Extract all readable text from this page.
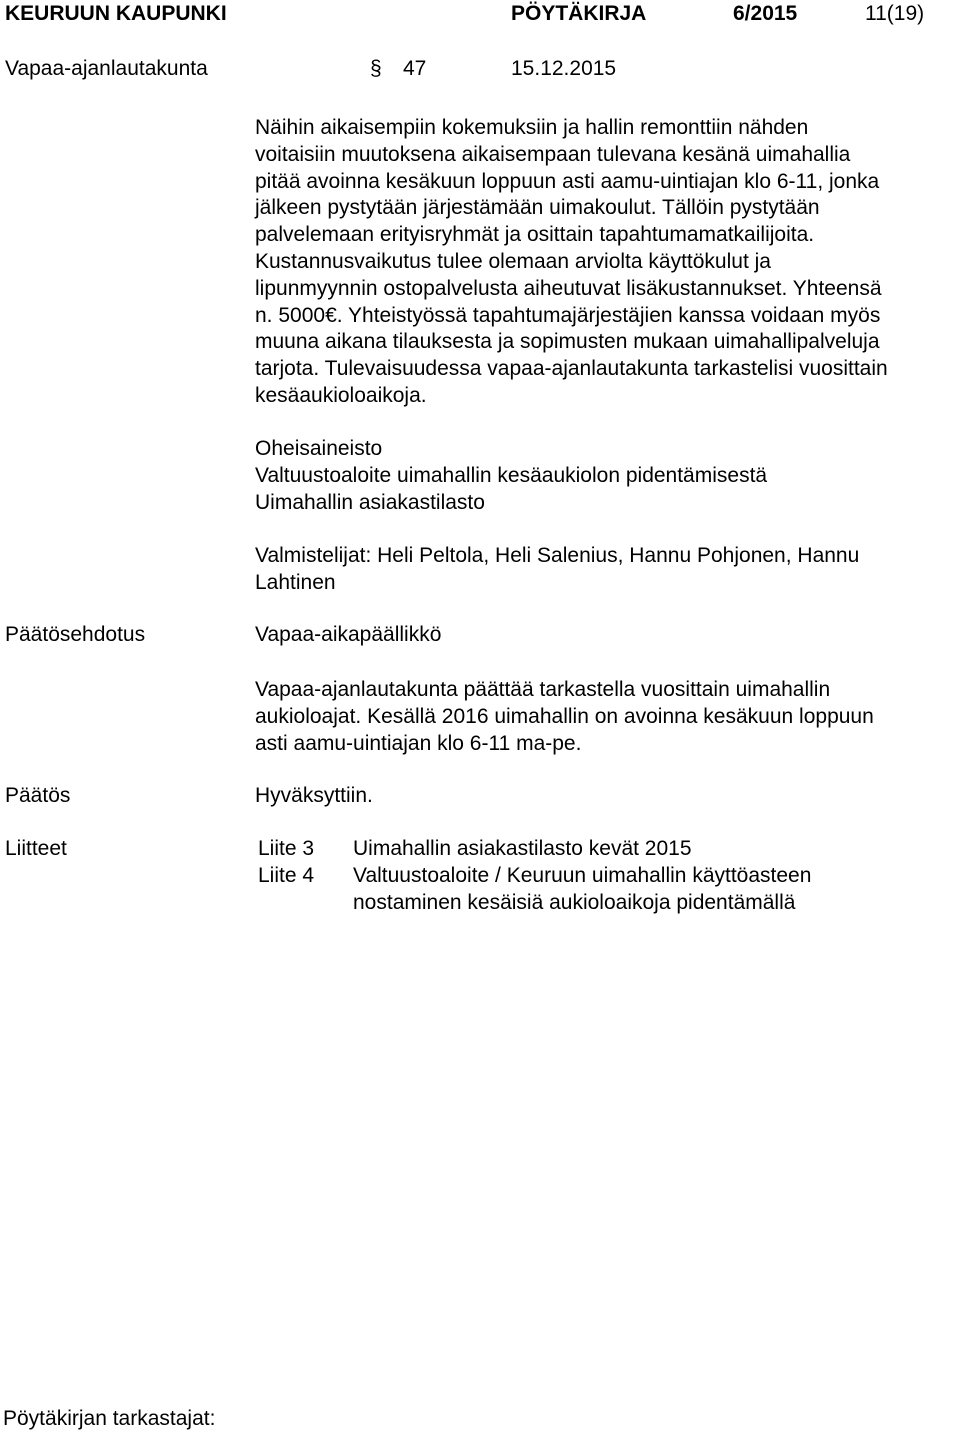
KEURUUN KAUPUNKI	PÖYTÄKIRJA	6/2015	11(19)
Vapaa-ajanlautakunta	§ 47	15.12.2015
Näihin aikaisempiin kokemuksiin ja hallin remonttiin nähden
voitaisiin muutoksena aikaisempaan tulevana kesänä uimahallia
pitää avoinna kesäkuun loppuun asti aamu-uintiajan klo 6-11, jonka
jälkeen pystytään järjestämään uimakoulut. Tällöin pystytään
palvelemaan erityisryhmät ja osittain tapahtumamatkailijoita.
Kustannusvaikutus tulee olemaan arviolta käyttökulut ja
lipunmyynnin ostopalvelusta aiheutuvat lisäkustannukset. Yhteensä
n. 5000€. Yhteistyössä tapahtumajärjestäjien kanssa voidaan myös
muuna aikana tilauksesta ja sopimusten mukaan uimahallipalveluja
tarjota. Tulevaisuudessa vapaa-ajanlautakunta tarkastelisi vuosittain
kesäaukioloaikoja.
Oheisaineisto
Valtuustoaloite uimahallin kesäaukiolon pidentämisestä
Uimahallin asiakastilasto
Valmistelijat: Heli Peltola, Heli Salenius, Hannu Pohjonen, Hannu
Lahtinen
Päätösehdotus	Vapaa-aikapäällikkö
Vapaa-ajanlautakunta päättää tarkastella vuosittain uimahallin
aukioloajat. Kesällä 2016 uimahallin on avoinna kesäkuun loppuun
asti aamu-uintiajan klo 6-11 ma-pe.
Päätös	Hyväksyttiin.
Liitteet	Liite 3 Uimahallin asiakastilasto kevät 2015
Liite 4 Valtuustoaloite / Keuruun uimahallin käyttöasteen
nostaminen kesäisiä aukioloaikoja pidentämällä
Pöytäkirjan tarkastajat:
